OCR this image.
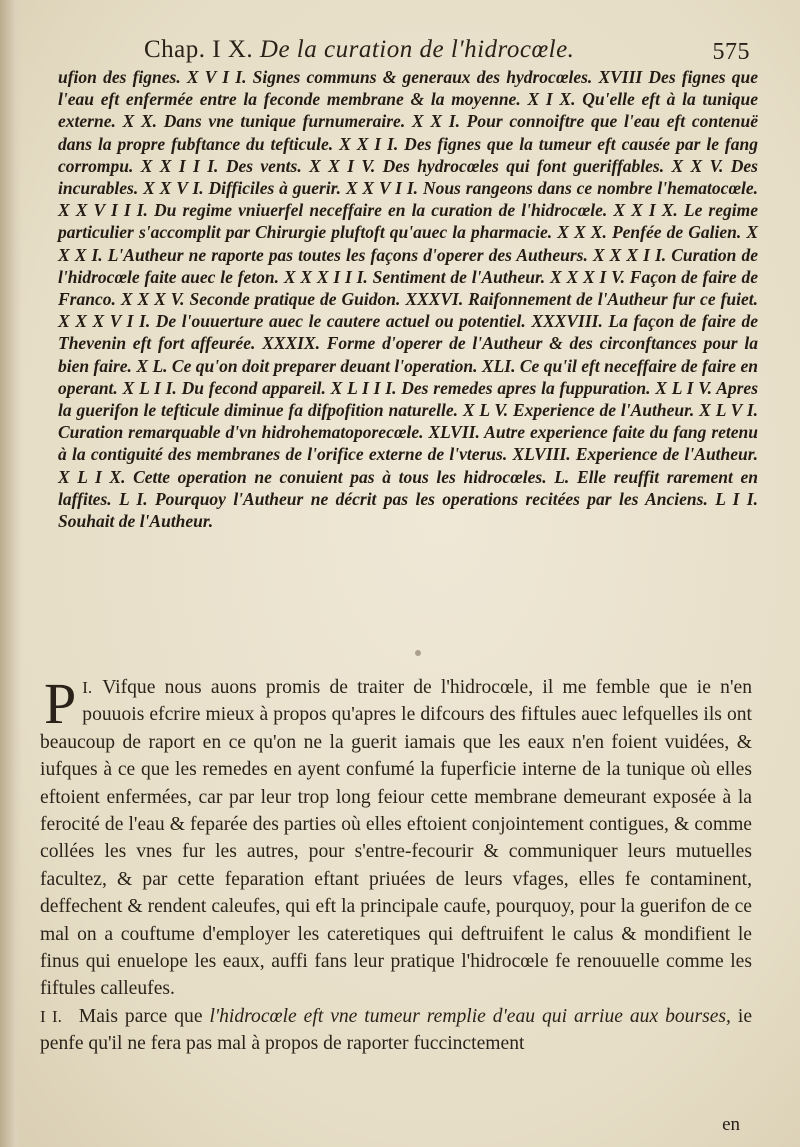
Chap. I X. De la curation de l'hidrocœle.	575
ufion des fignes. X V I I. Signes communs & generaux des hydrocœles. XVIII Des fignes que l'eau eft enfermée entre la feconde membrane & la moyenne. X I X. Qu'elle eft à la tunique externe. X X. Dans vne tunique furnumeraire. X X I. Pour connoiftre que l'eau eft contenuë dans la propre fubftance du tefticule. X X I I. Des fignes que la tumeur eft causée par le fang corrompu. X X I I I. Des vents. X X I V. Des hydrocœles qui font gueriffables. X X V. Des incurables. X X V I. Difficiles à guerir. X X V I I. Nous rangeons dans ce nombre l'hematocœle. X X V I I I. Du regime vniuerfel neceffaire en la curation de l'hidrocœle. X X I X. Le regime particulier s'accomplit par Chirurgie pluftoft qu'auec la pharmacie. X X X. Penfée de Galien. X X X I. L'Autheur ne raporte pas toutes les façons d'operer des Autheurs. X X X I I. Curation de l'hidrocœle faite auec le feton. X X X I I I. Sentiment de l'Autheur. X X X I V. Façon de faire de Franco. X X X V. Seconde pratique de Guidon. XXXVI. Raifonnement de l'Autheur fur ce fuiet. X X X V I I. De l'ouuerture auec le cautere actuel ou potentiel. XXXVIII. La façon de faire de Thevenin eft fort affeurée. XXXIX. Forme d'operer de l'Autheur & des circonftances pour la bien faire. X L. Ce qu'on doit preparer deuant l'operation. XLI. Ce qu'il eft neceffaire de faire en operant. X L I I. Du fecond appareil. X L I I I. Des remedes apres la fuppuration. X L I V. Apres la guerifon le tefticule diminue fa difpofition naturelle. X L V. Experience de l'Autheur. X L V I. Curation remarquable d'vn hidrohematoporecœle. XLVII. Autre experience faite du fang retenu à la contiguité des membranes de l'orifice externe de l'vterus. XLVIII. Experience de l'Autheur. X L I X. Cette operation ne conuient pas à tous les hidrocœles. L. Elle reuffit rarement en laffites. L I. Pourquoy l'Autheur ne décrit pas les operations recitées par les Anciens. L I I. Souhait de l'Autheur.

I.
P Vifque nous auons promis de traiter de l'hidrocœle, il me femble que ie n'en pouuois efcrire mieux à propos qu'apres le difcours des fiftules auec lefquelles ils ont beaucoup de raport en ce qu'on ne la guerit iamais que les eaux n'en foient vuidées, & iufques à ce que les remedes en ayent confumé la fuperficie interne de la tunique où elles eftoient enfermées, car par leur trop long feiour cette membrane demeurant exposée à la ferocité de l'eau & feparée des parties où elles eftoient conjointement contigues, & comme collées les vnes fur les autres, pour s'entre-fecourir & communiquer leurs mutuelles facultez, & par cette feparation eftant priuées de leurs vfages, elles fe contaminent, deffechent & rendent caleufes, qui eft la principale caufe, pourquoy, pour la guerifon de ce mal on a couftume d'employer les cateretiques qui deftruifent le calus & mondifient le finus qui enuelope les eaux, auffi fans leur pratique l'hidrocœle fe renouuelle comme les fiftules calleufes.

I I. Mais parce que l'hidrocœle eft vne tumeur remplie d'eau qui arriue aux bourses, ie penfe qu'il ne fera pas mal à propos de raporter fuccinctement

en
